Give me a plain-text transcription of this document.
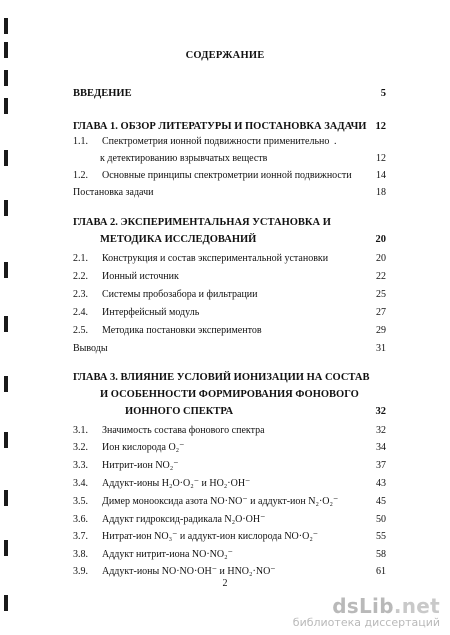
СОДЕРЖАНИЕ
ВВЕДЕНИЕ	5
ГЛАВА 1. ОБЗОР ЛИТЕРАТУРЫ И ПОСТАНОВКА ЗАДАЧИ 12
1.1. Спектрометрия ионной подвижности применительно
к детектированию взрывчатых веществ	12
1.2. Основные принципы спектрометрии ионной подвижности 14
Постановка задачи	18
ГЛАВА 2. ЭКСПЕРИМЕНТАЛЬНАЯ УСТАНОВКА И
МЕТОДИКА ИССЛЕДОВАНИЙ	20
2.1. Конструкция и состав экспериментальной установки	20
2.2. Ионный источник	22
2.3. Системы пробозабора и фильтрации	25
2.4. Интерфейсный модуль	27
2.5. Методика постановки экспериментов	29
Выводы	31
ГЛАВА 3. ВЛИЯНИЕ УСЛОВИЙ ИОНИЗАЦИИ НА СОСТАВ
И ОСОБЕННОСТИ ФОРМИРОВАНИЯ ФОНОВОГО
ИОННОГО СПЕКТРА	32
3.1. Значимость состава фонового спектра	32
3.2. Ион кислорода O₂⁻	34
3.3. Нитрит-ион NO₂⁻	37
3.4. Аддукт-ионы H₂O·O₂⁻ и HO₂·OH⁻	43
3.5. Димер монооксида азота NO·NO⁻ и аддукт-ион N₂·O₂⁻	45
3.6. Аддукт гидроксид-радикала N₂O·OH⁻	50
3.7. Нитрат-ион NO₃⁻ и аддукт-ион кислорода NO·O₂⁻	55
3.8. Аддукт нитрит-иона NO·NO₂⁻	58
3.9. Аддукт-ионы NO·NO·OH⁻ и HNO₂·NO⁻	61
.
2
dsLib.net
библиотека диссертаций
